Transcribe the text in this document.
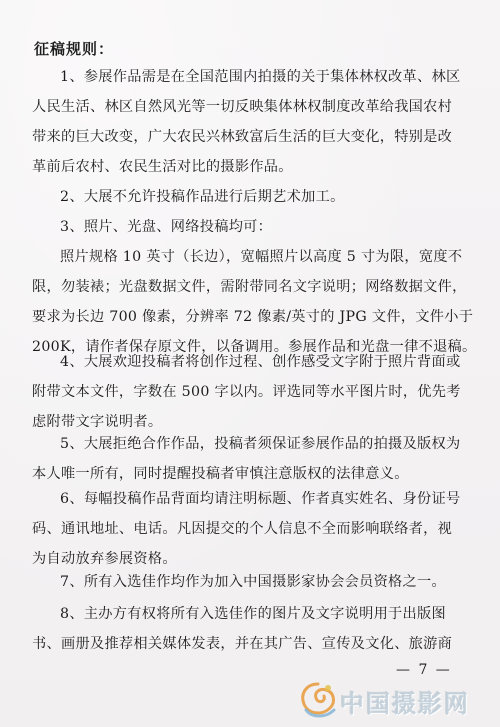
征稿规则：
1、参展作品需是在全国范围内拍摄的关于集体林权改革、林区
人民生活、林区自然风光等一切反映集体林权制度改革给我国农村
带来的巨大改变，广大农民兴林致富后生活的巨大变化，特别是改
革前后农村、农民生活对比的摄影作品。
2、大展不允许投稿作品进行后期艺术加工。
3、照片、光盘、网络投稿均可：
照片规格 10 英寸（长边），宽幅照片以高度 5 寸为限，宽度不
限，勿装裱；光盘数据文件，需附带同名文字说明；网络数据文件，
要求为长边 700 像素，分辨率 72 像素/英寸的 JPG 文件，文件小于
200K，请作者保存原文件，以备调用。参展作品和光盘一律不退稿。
4、大展欢迎投稿者将创作过程、创作感受文字附于照片背面或
附带文本文件，字数在 500 字以内。评选同等水平图片时，优先考
虑附带文字说明者。
5、大展拒绝合作作品，投稿者须保证参展作品的拍摄及版权为
本人唯一所有，同时提醒投稿者审慎注意版权的法律意义。
6、每幅投稿作品背面均请注明标题、作者真实姓名、身份证号
码、通讯地址、电话。凡因提交的个人信息不全而影响联络者，视
为自动放弃参展资格。
7、所有入选佳作均作为加入中国摄影家协会会员资格之一。
8、主办方有权将所有入选佳作的图片及文字说明用于出版图
书、画册及推荐相关媒体发表，并在其广告、宣传及文化、旅游商
— 7 —
中国摄影网
